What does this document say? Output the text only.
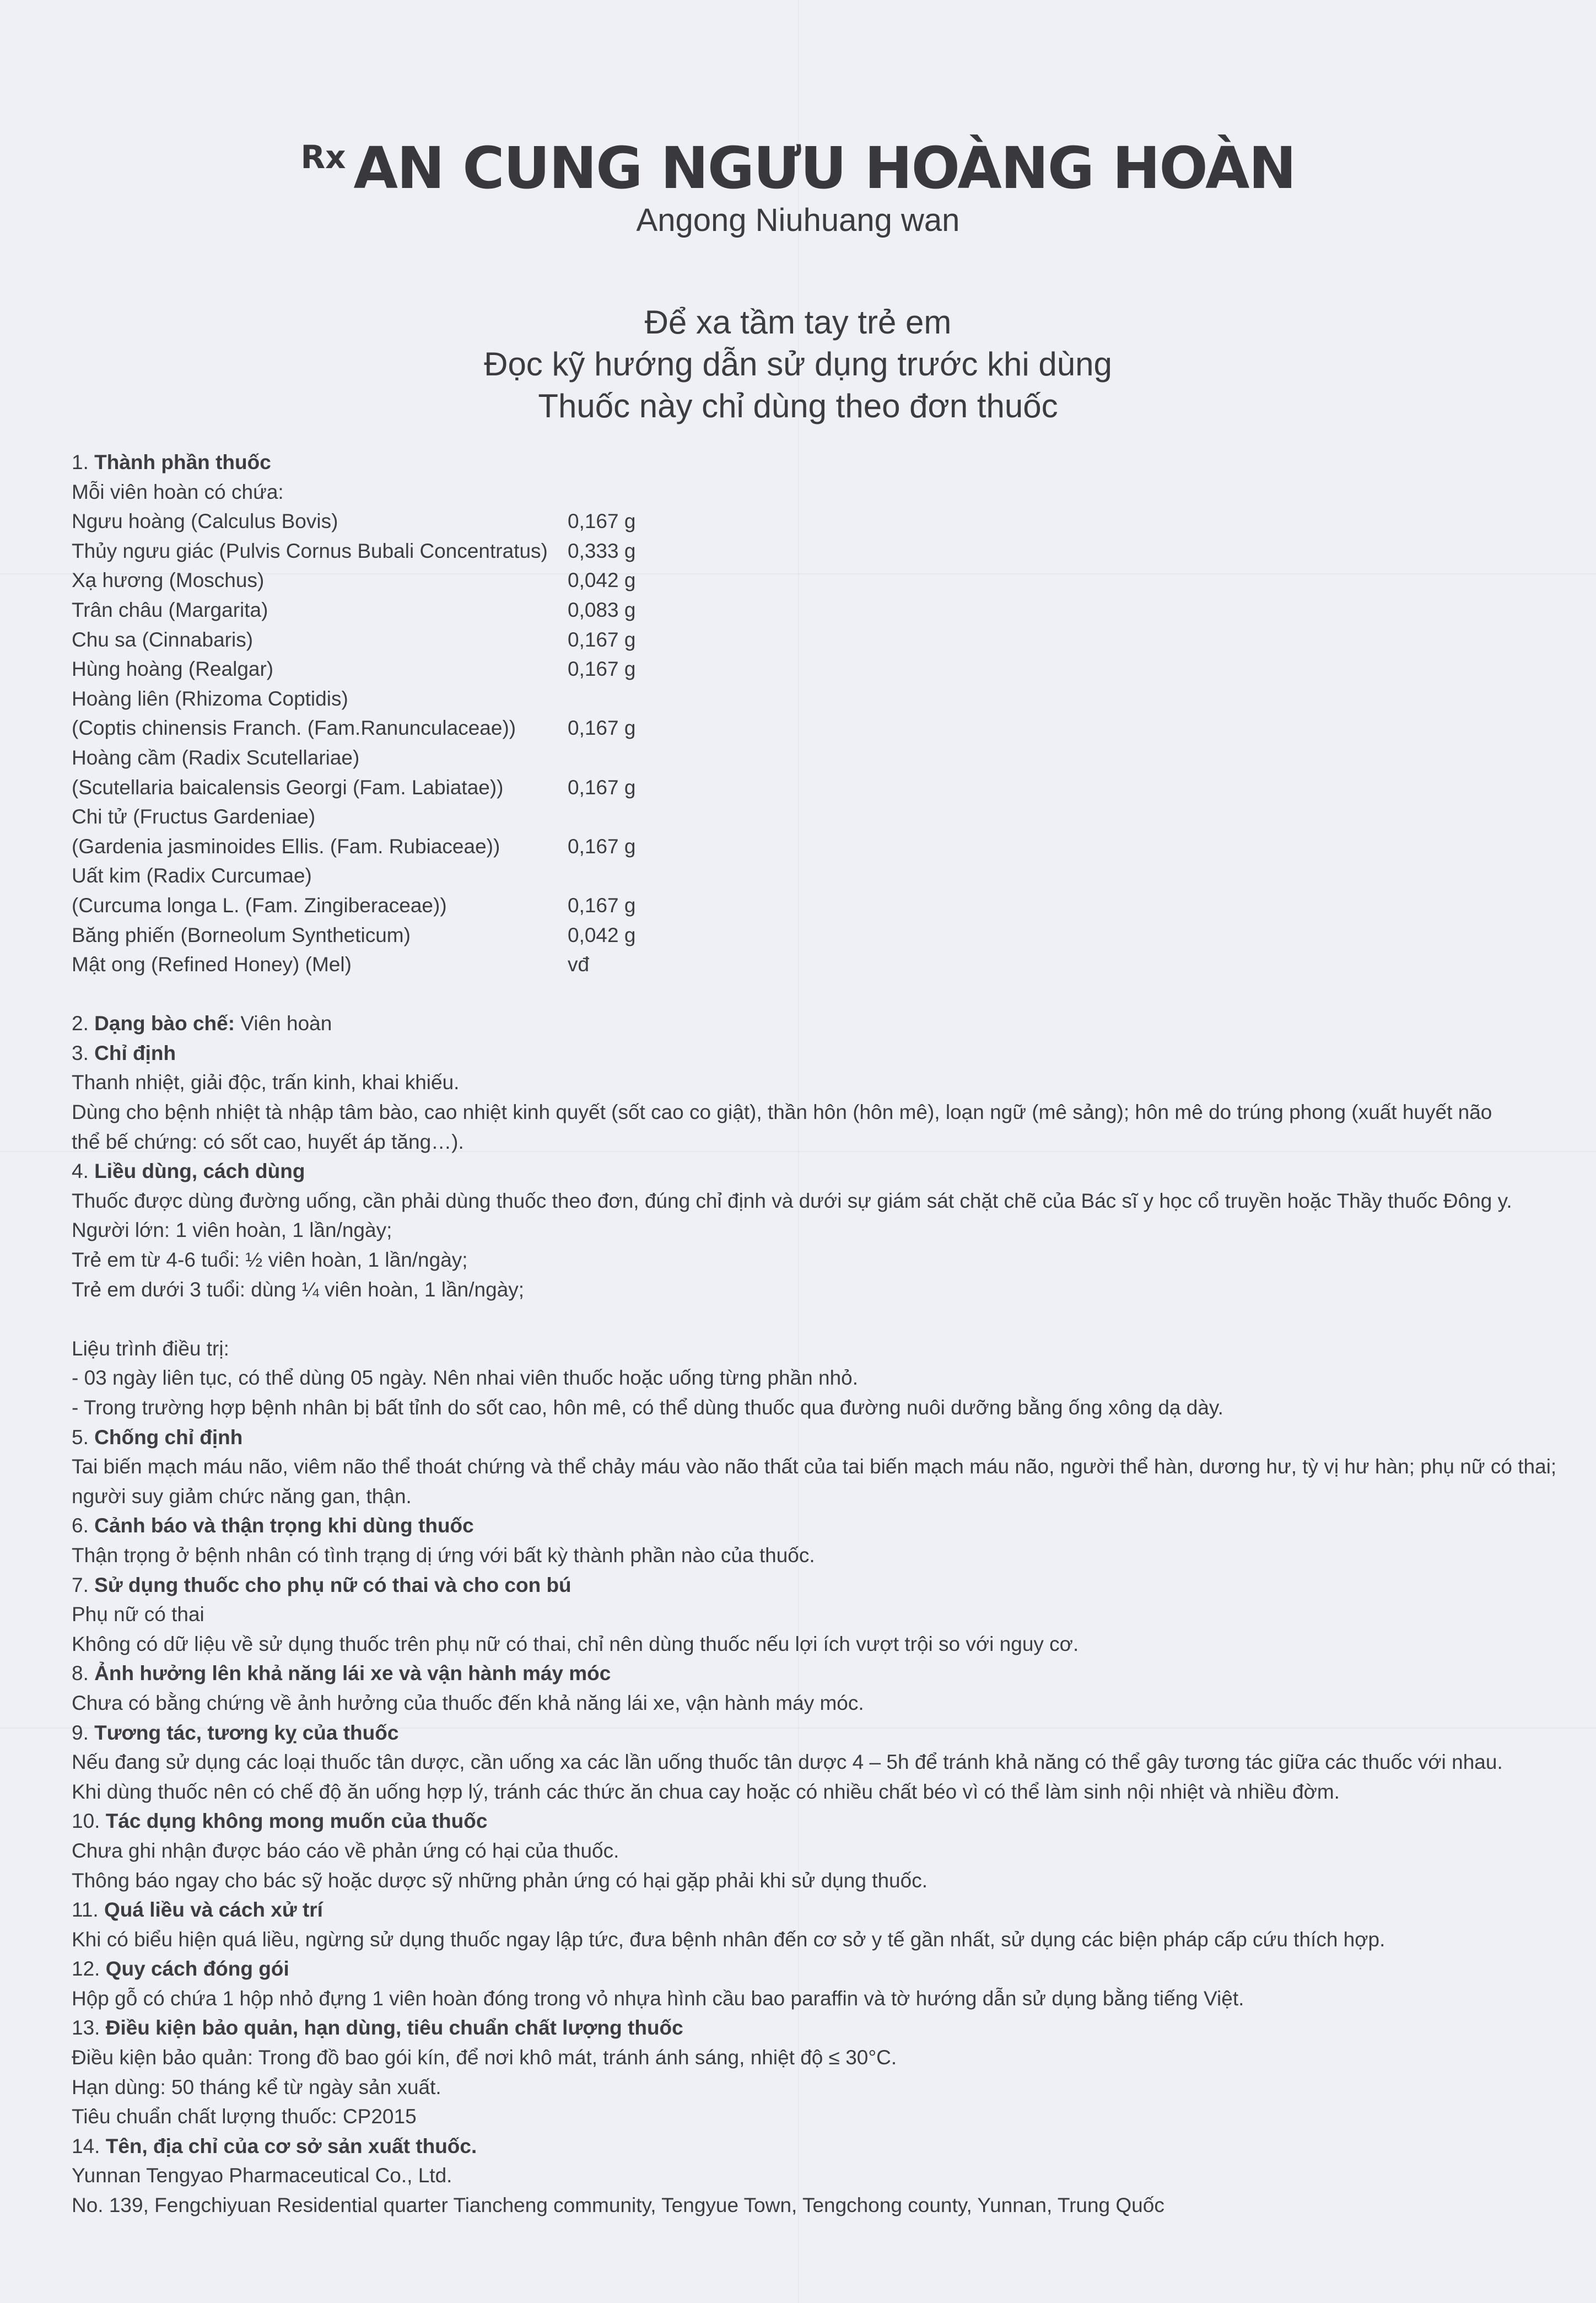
$^{Rx}$ AN CUNG NGƯU HOÀNG HOÀN
Angong Niuhuang wan
Để xa tầm tay trẻ em
Đọc kỹ hướng dẫn sử dụng trước khi dùng
Thuốc này chỉ dùng theo đơn thuốc
1. Thành phần thuốc
Mỗi viên hoàn có chứa:
Ngưu hoàng (Calculus Bovis)	0,167 g
Thủy ngưu giác (Pulvis Cornus Bubali Concentratus) 0,333 g
Xạ hương (Moschus)	0,042 g
Trân châu (Margarita)	0,083 g
Chu sa (Cinnabaris)	0,167 g
Hùng hoàng (Realgar)	0,167 g
Hoàng liên (Rhizoma Coptidis)
(Coptis chinensis Franch. (Fam.Ranunculaceae))	0,167 g
Hoàng cầm (Radix Scutellariae)
(Scutellaria baicalensis Georgi (Fam. Labiatae))	0,167 g
Chi tử (Fructus Gardeniae)
(Gardenia jasminoides Ellis. (Fam. Rubiaceae))	0,167 g
Uất kim (Radix Curcumae)
(Curcuma longa L. (Fam. Zingiberaceae))	0,167 g
Băng phiến (Borneolum Syntheticum)	0,042 g
Mật ong (Refined Honey) (Mel)	vđ
2. Dạng bào chế: Viên hoàn
3. Chỉ định
Thanh nhiệt, giải độc, trấn kinh, khai khiếu.
Dùng cho bệnh nhiệt tà nhập tâm bào, cao nhiệt kinh quyết (sốt cao co giật), thần hôn (hôn mê), loạn ngữ (mê sảng); hôn mê do trúng phong (xuất huyết não
thể bế chứng: có sốt cao, huyết áp tăng…).
4. Liều dùng, cách dùng
Thuốc được dùng đường uống, cần phải dùng thuốc theo đơn, đúng chỉ định và dưới sự giám sát chặt chẽ của Bác sĩ y học cổ truyền hoặc Thầy thuốc Đông y.
Người lớn: 1 viên hoàn, 1 lần/ngày;
Trẻ em từ 4-6 tuổi: ½ viên hoàn, 1 lần/ngày;
Trẻ em dưới 3 tuổi: dùng ¼ viên hoàn, 1 lần/ngày;
Liệu trình điều trị:
- 03 ngày liên tục, có thể dùng 05 ngày. Nên nhai viên thuốc hoặc uống từng phần nhỏ.
- Trong trường hợp bệnh nhân bị bất tỉnh do sốt cao, hôn mê, có thể dùng thuốc qua đường nuôi dưỡng bằng ống xông dạ dày.
5. Chống chỉ định
Tai biến mạch máu não, viêm não thể thoát chứng và thể chảy máu vào não thất của tai biến mạch máu não, người thể hàn, dương hư, tỳ vị hư hàn; phụ nữ có thai;
người suy giảm chức năng gan, thận.
6. Cảnh báo và thận trọng khi dùng thuốc
Thận trọng ở bệnh nhân có tình trạng dị ứng với bất kỳ thành phần nào của thuốc.
7. Sử dụng thuốc cho phụ nữ có thai và cho con bú
Phụ nữ có thai
Không có dữ liệu về sử dụng thuốc trên phụ nữ có thai, chỉ nên dùng thuốc nếu lợi ích vượt trội so với nguy cơ.
8. Ảnh hưởng lên khả năng lái xe và vận hành máy móc
Chưa có bằng chứng về ảnh hưởng của thuốc đến khả năng lái xe, vận hành máy móc.
9. Tương tác, tương kỵ của thuốc
Nếu đang sử dụng các loại thuốc tân dược, cần uống xa các lần uống thuốc tân dược 4 – 5h để tránh khả năng có thể gây tương tác giữa các thuốc với nhau.
Khi dùng thuốc nên có chế độ ăn uống hợp lý, tránh các thức ăn chua cay hoặc có nhiều chất béo vì có thể làm sinh nội nhiệt và nhiều đờm.
10. Tác dụng không mong muốn của thuốc
Chưa ghi nhận được báo cáo về phản ứng có hại của thuốc.
Thông báo ngay cho bác sỹ hoặc dược sỹ những phản ứng có hại gặp phải khi sử dụng thuốc.
11. Quá liều và cách xử trí
Khi có biểu hiện quá liều, ngừng sử dụng thuốc ngay lập tức, đưa bệnh nhân đến cơ sở y tế gần nhất, sử dụng các biện pháp cấp cứu thích hợp.
12. Quy cách đóng gói
Hộp gỗ có chứa 1 hộp nhỏ đựng 1 viên hoàn đóng trong vỏ nhựa hình cầu bao paraffin và tờ hướng dẫn sử dụng bằng tiếng Việt.
13. Điều kiện bảo quản, hạn dùng, tiêu chuẩn chất lượng thuốc
Điều kiện bảo quản: Trong đồ bao gói kín, để nơi khô mát, tránh ánh sáng, nhiệt độ ≤ 30°C.
Hạn dùng: 50 tháng kể từ ngày sản xuất.
Tiêu chuẩn chất lượng thuốc: CP2015
14. Tên, địa chỉ của cơ sở sản xuất thuốc.
Yunnan Tengyao Pharmaceutical Co., Ltd.
No. 139, Fengchiyuan Residential quarter Tiancheng community, Tengyue Town, Tengchong county, Yunnan, Trung Quốc
